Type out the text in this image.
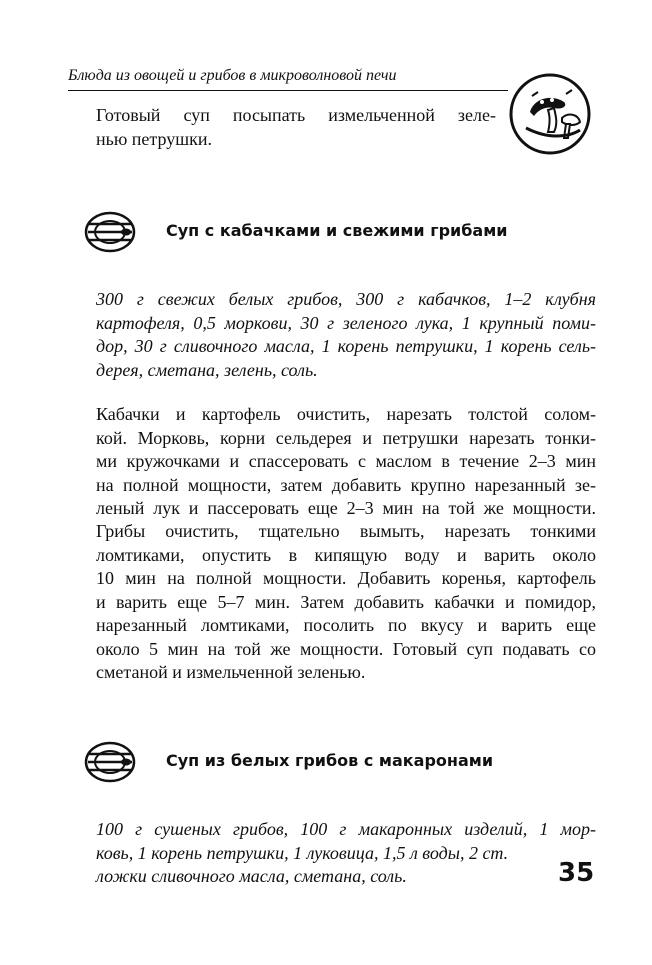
Блюда из овощей и грибов в микроволновой печи
Готовый суп посыпать измельченной зеле-
нью петрушки.
Суп с кабачками и свежими грибами
300 г свежих белых грибов, 300 г кабачков, 1–2 клубня
картофеля, 0,5 моркови, 30 г зеленого лука, 1 крупный поми-
дор, 30 г сливочного масла, 1 корень петрушки, 1 корень сель-
дерея, сметана, зелень, соль.
Кабачки и картофель очистить, нарезать толстой солом-
кой. Морковь, корни сельдерея и петрушки нарезать тонки-
ми кружочками и спассеровать с маслом в течение 2–3 мин
на полной мощности, затем добавить крупно нарезанный зе-
леный лук и пассеровать еще 2–3 мин на той же мощности.
Грибы очистить, тщательно вымыть, нарезать тонкими
ломтиками, опустить в кипящую воду и варить около
10 мин на полной мощности. Добавить коренья, картофель
и варить еще 5–7 мин. Затем добавить кабачки и помидор,
нарезанный ломтиками, посолить по вкусу и варить еще
около 5 мин на той же мощности. Готовый суп подавать со
сметаной и измельченной зеленью.
Суп из белых грибов с макаронами
100 г сушеных грибов, 100 г макаронных изделий, 1 мор-
ковь, 1 корень петрушки, 1 луковица, 1,5 л воды, 2 ст.
ложки сливочного масла, сметана, соль.	35
